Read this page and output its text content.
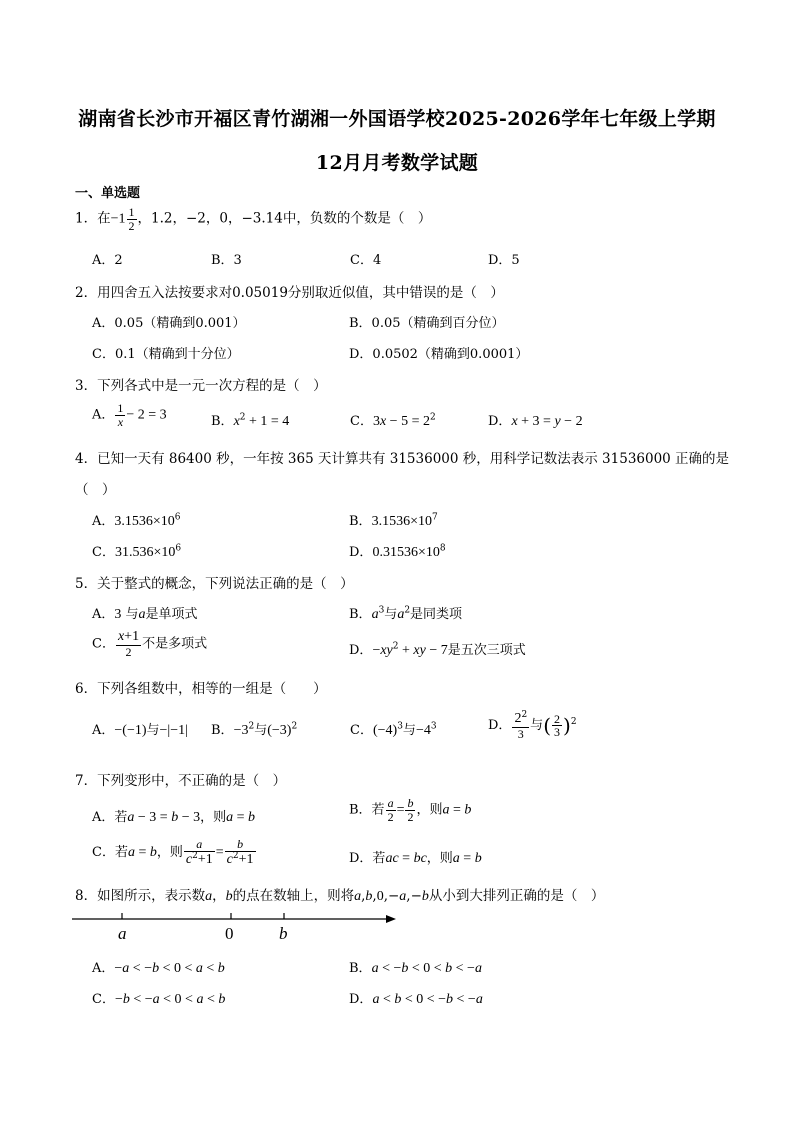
湖南省长沙市开福区青竹湖湘一外国语学校2025-2026学年七年级上学期
12月月考数学试题
一、单选题
1．在$-1 \frac{1}{2}$ ，1.2，−2，0，−3.14中，负数的个数是（　）
A．2	B．3	C．4	D．5
2．用四舍五入法按要求对0.05019分别取近似值，其中错误的是（　）
A．0.05（精确到0.001）	B．0.05（精确到百分位）
C．0.1（精确到十分位）	D．0.0502（精确到0.0001）
3．下列各式中是一元一次方程的是（　）
A． $\frac{1}{x} - 2 = 3$	B．$x^2 + 1 = 4$	C．$3x - 5 = 2^2$	D．x + 3 = y − 2
4．已知一天有 86400 秒，一年按 365 天计算共有 31536000 秒，用科学记数法表示 31536000 正确的是
（　）
A．$3.1536\times 10^6$	B．$3.1536\times 10^7$
C．$31.536\times 10^6$	D．$0.31536\times 10^8$
5．关于整式的概念，下列说法正确的是（　）
A．3 与a是单项式	B．$a^3$与$a^2$是同类项
C． $\frac{x+1}{2}$ 不是多项式	D．$-xy^2$ + xy − 7是五次三项式
6．下列各组数中，相等的一组是（　　）
A．−(−1)与−|−1| B．$-3^2$与$(-3)^2$	C．$(-4)^3$与$-4^3$	D． $\frac{2^2}{3}$ 与( $\frac{2}{3} )^2$
7．下列变形中，不正确的是（　）
A．若a − 3 = b − 3，则a = b	B．若 $\frac{a}{2} = \frac{b}{2}$ ，则a = b
C．若a = b，则 $\frac{a}{c^2+1} = \frac{b}{c^2+1}$	D．若ac = bc，则a = b
8．如图所示，表示数a，b的点在数轴上，则将a,b,0,−a,−b从小到大排列正确的是（　）
a	0	b
A．−a < −b < 0 < a < b	B．a < −b < 0 < b < −a
C．−b < −a < 0 < a < b	D．a < b < 0 < −b < −a
